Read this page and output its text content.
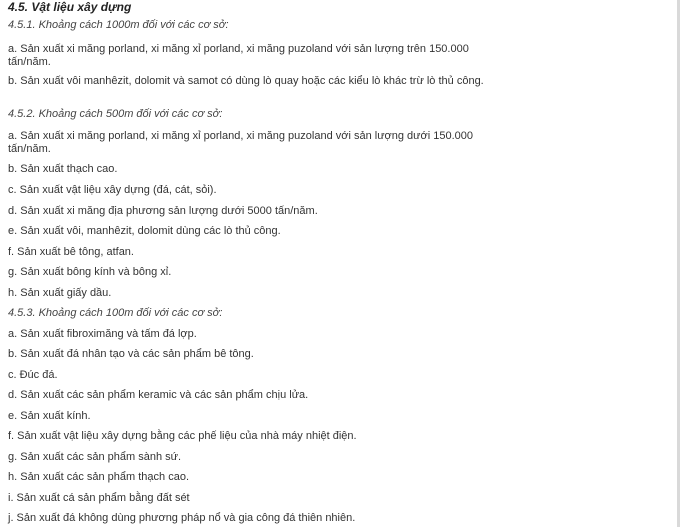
4.5. Vật liệu xây dựng
4.5.1. Khoảng cách 1000m đối với các cơ sở:
a. Sản xuất xi măng porland, xi măng xỉ porland, xi măng puzoland với sản lượng trên 150.000 tấn/năm.
b. Sản xuất vôi manhêzit, dolomit và samot có dùng lò quay hoặc các kiểu lò khác trừ lò thủ công.
4.5.2. Khoảng cách 500m đối với các cơ sở:
a. Sản xuất xi măng porland, xi măng xỉ porland, xi măng puzoland với sản lượng dưới 150.000 tấn/năm.
b. Sản xuất thạch cao.
c. Sản xuất vật liệu xây dựng (đá, cát, sỏi).
d. Sản xuất xi măng địa phương sản lượng dưới 5000 tấn/năm.
e. Sản xuất vôi, manhêzit, dolomit dùng các lò thủ công.
f. Sản xuất bê tông, atfan.
g. Sản xuất bông kính và bông xỉ.
h. Sản xuất giấy dầu.
4.5.3. Khoảng cách 100m đối với các cơ sở:
a. Sản xuất fibroximăng và tấm đá lợp.
b. Sản xuất đá nhân tạo và các sản phẩm bê tông.
c. Đúc đá.
d. Sản xuất các sản phẩm keramic và các sản phẩm chịu lửa.
e. Sản xuất kính.
f. Sản xuất vật liệu xây dựng bằng các phế liệu của nhà máy nhiệt điện.
g. Sản xuất các sản phẩm sành sứ.
h. Sản xuất các sản phẩm thạch cao.
i. Sản xuất cá sản phẩm bằng đất sét
j. Sản xuất đá không dùng phương pháp nổ và gia công đá thiên nhiên.
